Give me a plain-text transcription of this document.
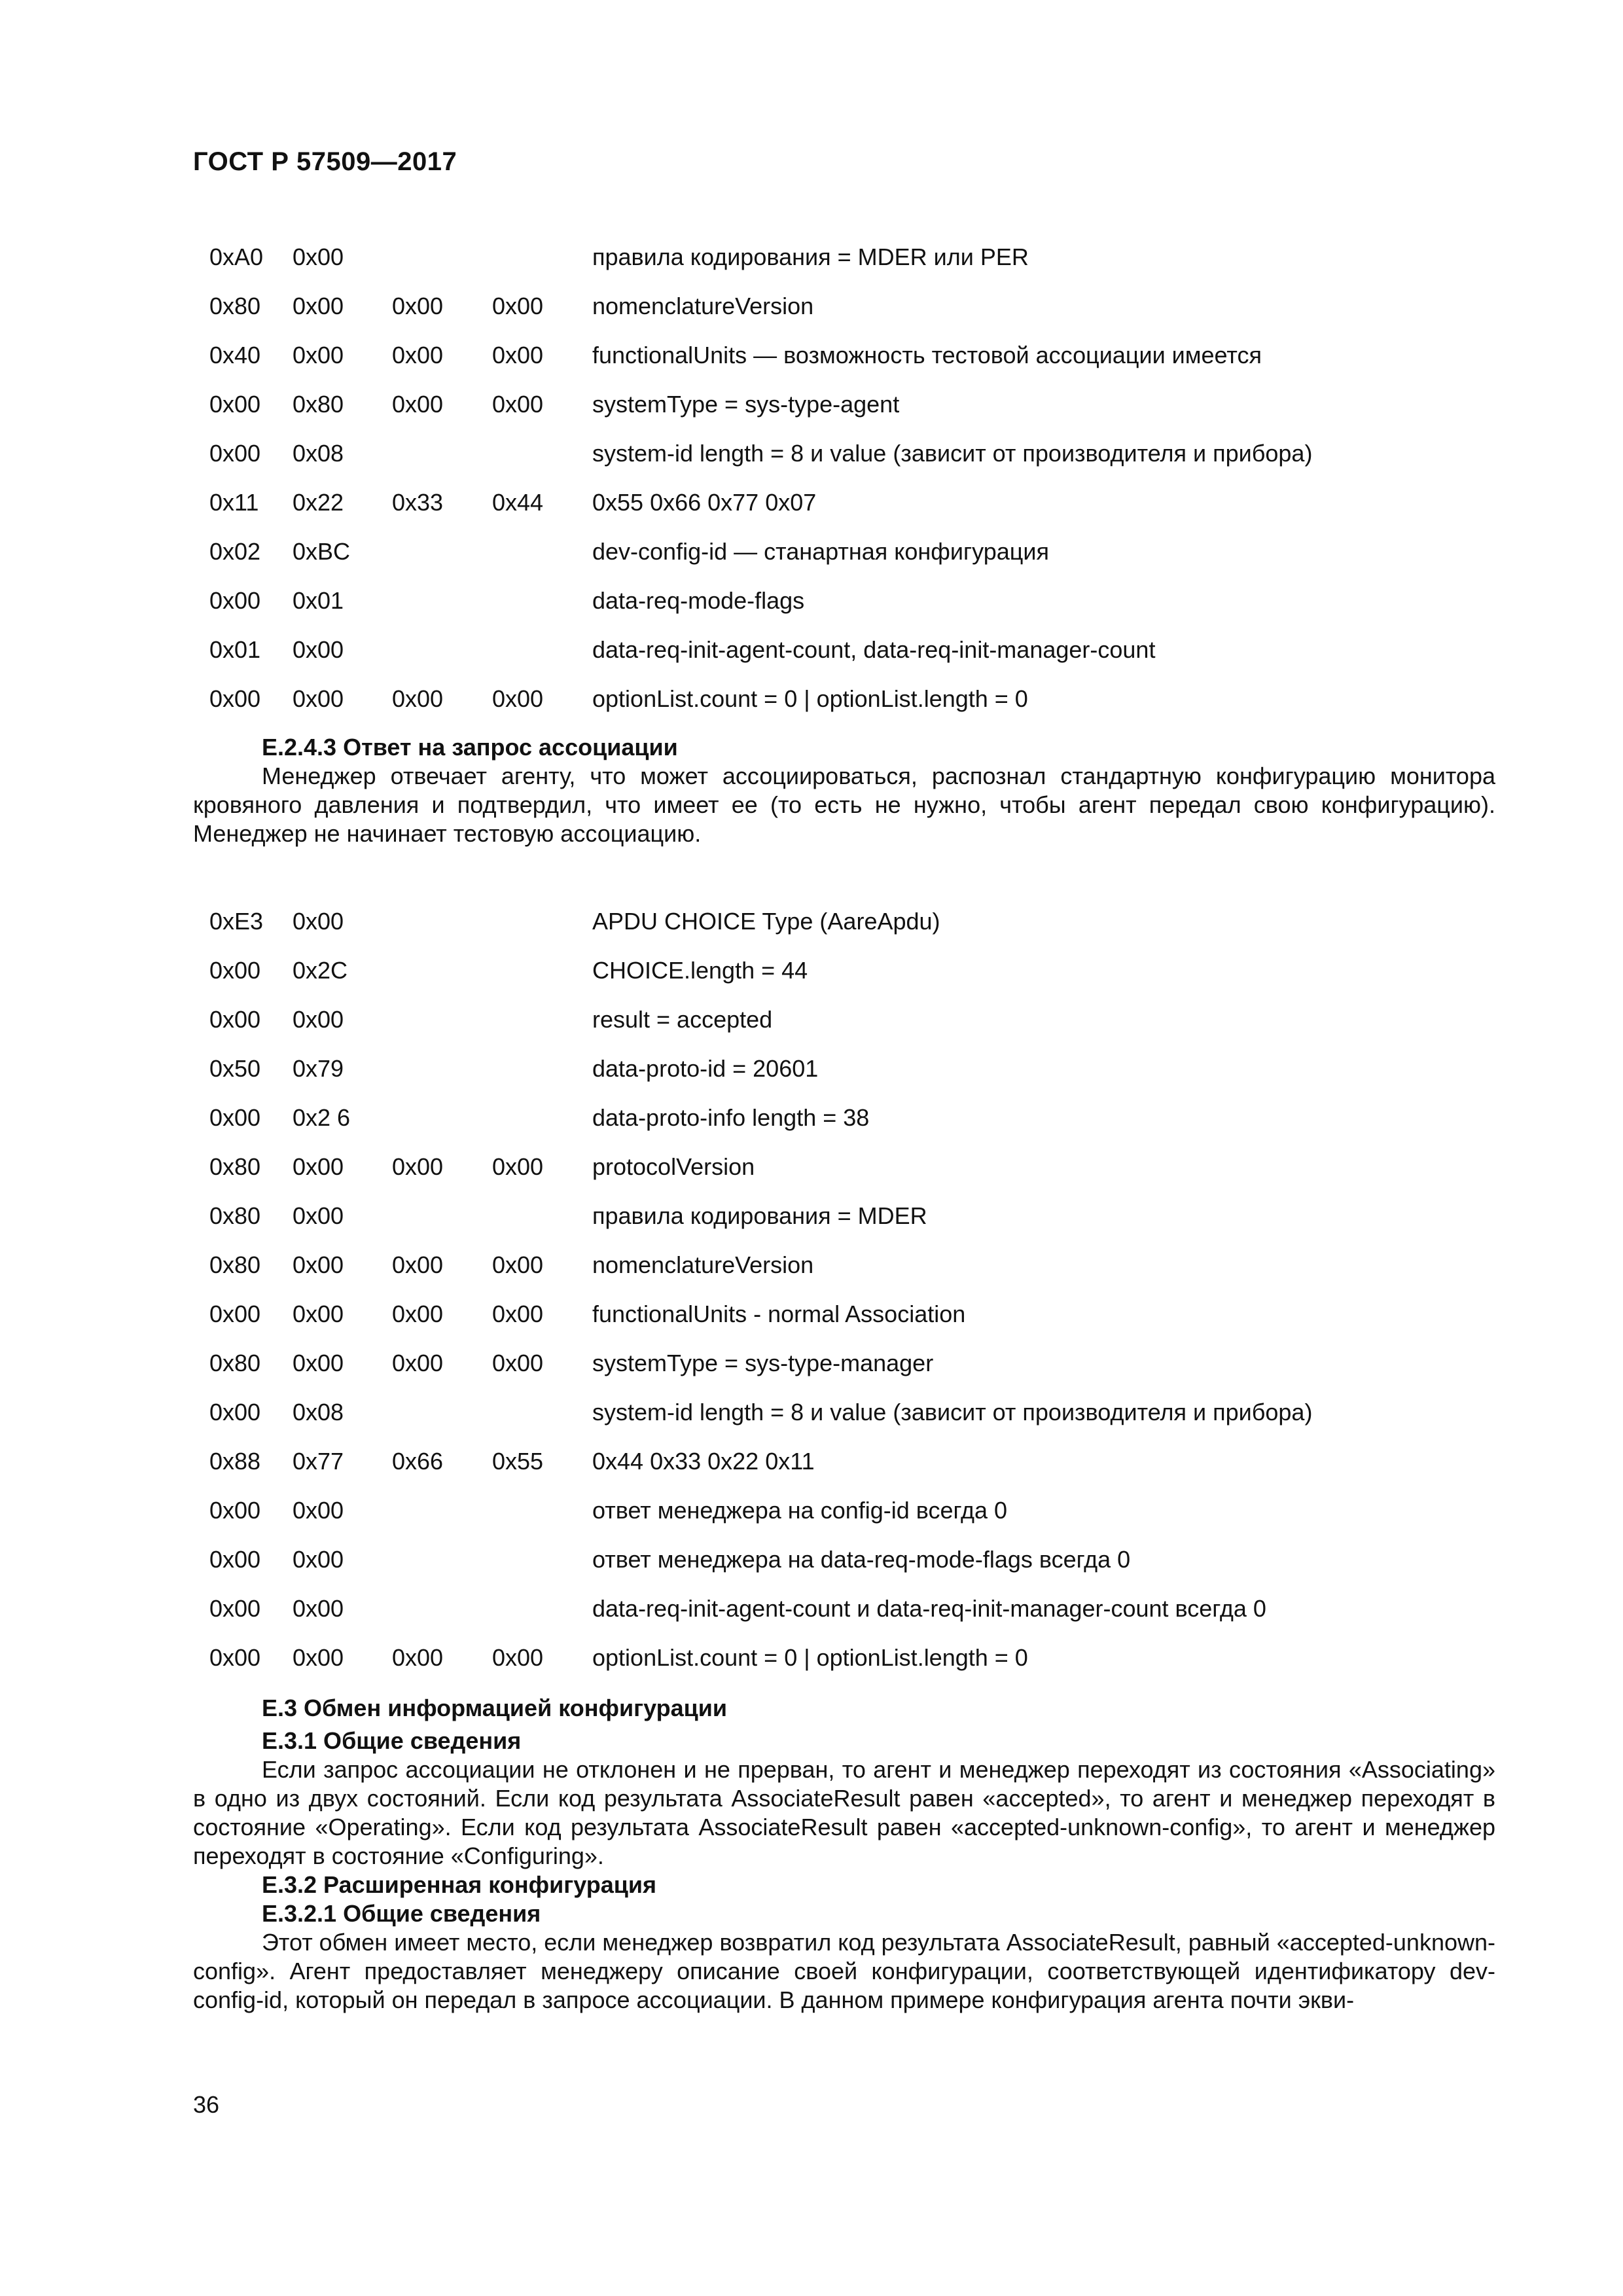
ГОСТ Р 57509—2017
0xA0	0x00			правила кодирования = MDER или PER
0x80	0x00	0x00	0x00	nomenclatureVersion
0x40	0x00	0x00	0x00	functionalUnits — возможность тестовой ассоциации имеется
0x00	0x80	0x00	0x00	systemType = sys-type-agent
0x00	0x08			system-id length = 8 и value (зависит от производителя и прибора)
0x11	0x22	0x33	0x44	0x55 0x66 0x77 0x07
0x02	0xBC			dev-config-id — станартная конфигурация
0x00	0x01			data-req-mode-flags
0x01	0x00			data-req-init-agent-count, data-req-init-manager-count
0x00	0x00	0x00	0x00	optionList.count = 0 | optionList.length = 0
E.2.4.3 Ответ на запрос ассоциации
Менеджер отвечает агенту, что может ассоциироваться, распознал стандартную конфигурацию монитора кровяного давления и подтвердил, что имеет ее (то есть не нужно, чтобы агент передал свою конфигурацию). Менеджер не начинает тестовую ассоциацию.
0xE3	0x00			APDU CHOICE Type (AareApdu)
0x00	0x2C			CHOICE.length = 44
0x00	0x00			result = accepted
0x50	0x79			data-proto-id = 20601
0x00	0x2 6			data-proto-info length = 38
0x80	0x00	0x00	0x00	protocolVersion
0x80	0x00			правила кодирования = MDER
0x80	0x00	0x00	0x00	nomenclatureVersion
0x00	0x00	0x00	0x00	functionalUnits - normal Association
0x80	0x00	0x00	0x00	systemType = sys-type-manager
0x00	0x08			system-id length = 8 и value (зависит от производителя и прибора)
0x88	0x77	0x66	0x55	0x44 0x33 0x22 0x11
0x00	0x00			ответ менеджера на config-id всегда 0
0x00	0x00			ответ менеджера на data-req-mode-flags всегда 0
0x00	0x00			data-req-init-agent-count и data-req-init-manager-count всегда 0
0x00	0x00	0x00	0x00	optionList.count = 0 | optionList.length = 0
E.3 Обмен информацией конфигурации
E.3.1 Общие сведения
Если запрос ассоциации не отклонен и не прерван, то агент и менеджер переходят из состояния «Associating» в одно из двух состояний. Если код результата AssociateResult равен «accepted», то агент и менеджер переходят в состояние «Operating». Если код результата AssociateResult равен «accepted-unknown-config», то агент и менеджер переходят в состояние «Configuring».
E.3.2 Расширенная конфигурация
E.3.2.1 Общие сведения
Этот обмен имеет место, если менеджер возвратил код результата AssociateResult, равный «accepted-unknown-config». Агент предоставляет менеджеру описание своей конфигурации, соответствующей идентификатору dev-config-id, который он передал в запросе ассоциации. В данном примере конфигурация агента почти экви-
36
